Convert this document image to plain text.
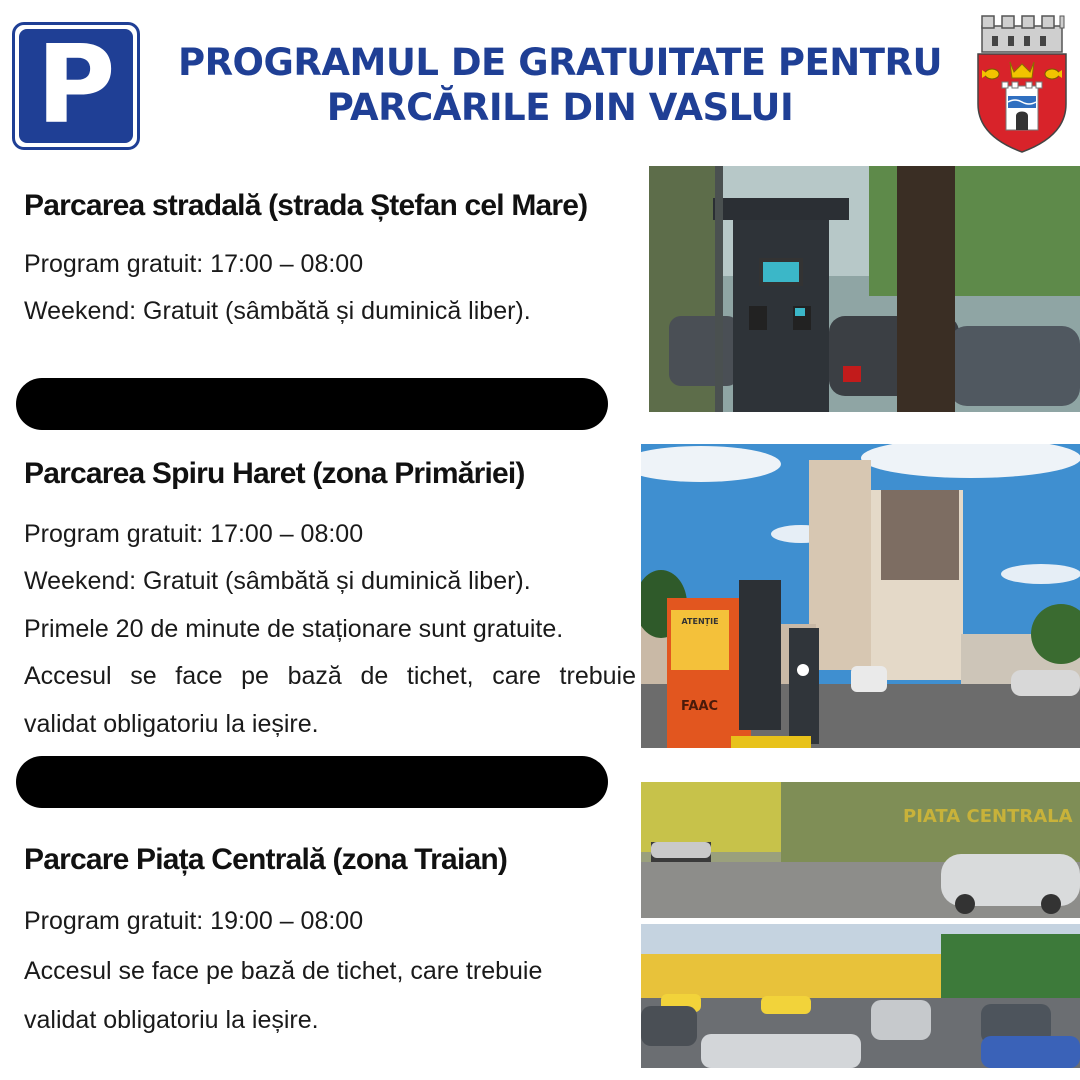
P	PROGRAMUL DE GRATUITATE PENTRU
PARCĂRILE DIN VASLUI
Parcarea stradală (strada Ștefan cel Mare)
Program gratuit: 17:00 – 08:00
Weekend: Gratuit (sâmbătă și duminică liber).
Parcarea Spiru Haret (zona Primăriei)
Program gratuit: 17:00 – 08:00
Weekend: Gratuit (sâmbătă și duminică liber).
Primele 20 de minute de staționare sunt gratuite.
Accesul se face pe bază de tichet, care trebuie
validat obligatoriu la ieșire.
ATENȚIE
FAAC
Parcare Piața Centrală (zona Traian)
Program gratuit: 19:00 – 08:00
Accesul se face pe bază de tichet, care trebuie
validat obligatoriu la ieșire.
PIATA CENTRALA
